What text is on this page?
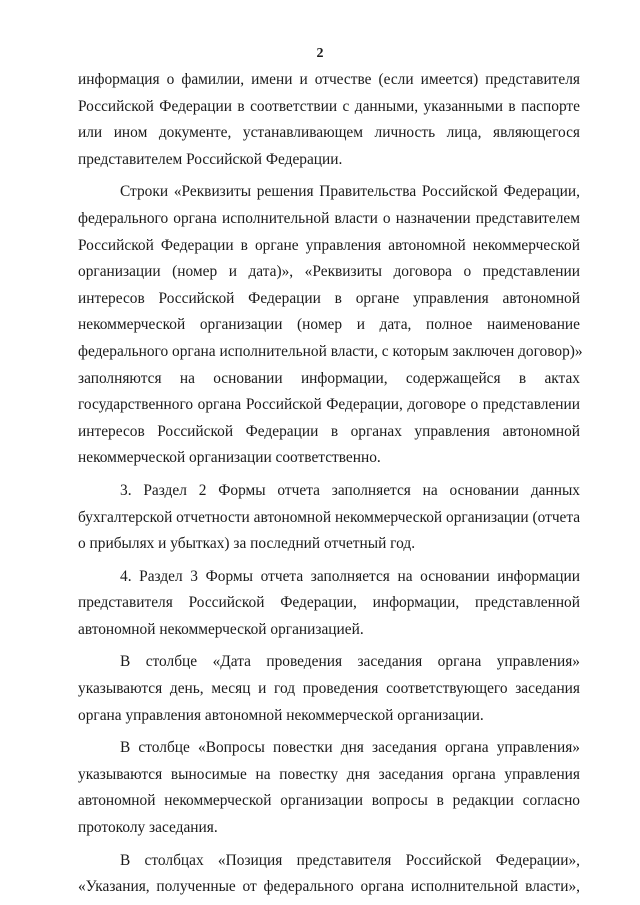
2
информация о фамилии, имени и отчестве (если имеется) представителя
Российской Федерации в соответствии с данными, указанными в паспорте
или ином документе, устанавливающем личность лица, являющегося
представителем Российской Федерации.
Строки «Реквизиты решения Правительства Российской Федерации,
федерального органа исполнительной власти о назначении представителем
Российской Федерации в органе управления автономной некоммерческой
организации (номер и дата)», «Реквизиты договора о представлении
интересов Российской Федерации в органе управления автономной
некоммерческой организации (номер и дата, полное наименование
федерального органа исполнительной власти, с которым заключен договор)»
заполняются на основании информации, содержащейся в актах
государственного органа Российской Федерации, договоре о представлении
интересов Российской Федерации в органах управления автономной
некоммерческой организации соответственно.
3. Раздел 2 Формы отчета заполняется на основании данных
бухгалтерской отчетности автономной некоммерческой организации (отчета
о прибылях и убытках) за последний отчетный год.
4. Раздел 3 Формы отчета заполняется на основании информации
представителя Российской Федерации, информации, представленной
автономной некоммерческой организацией.
В столбце «Дата проведения заседания органа управления»
указываются день, месяц и год проведения соответствующего заседания
органа управления автономной некоммерческой организации.
В столбце «Вопросы повестки дня заседания органа управления»
указываются выносимые на повестку дня заседания органа управления
автономной некоммерческой организации вопросы в редакции согласно
протоколу заседания.
В столбцах «Позиция представителя Российской Федерации»,
«Указания, полученные от федерального органа исполнительной власти»,
